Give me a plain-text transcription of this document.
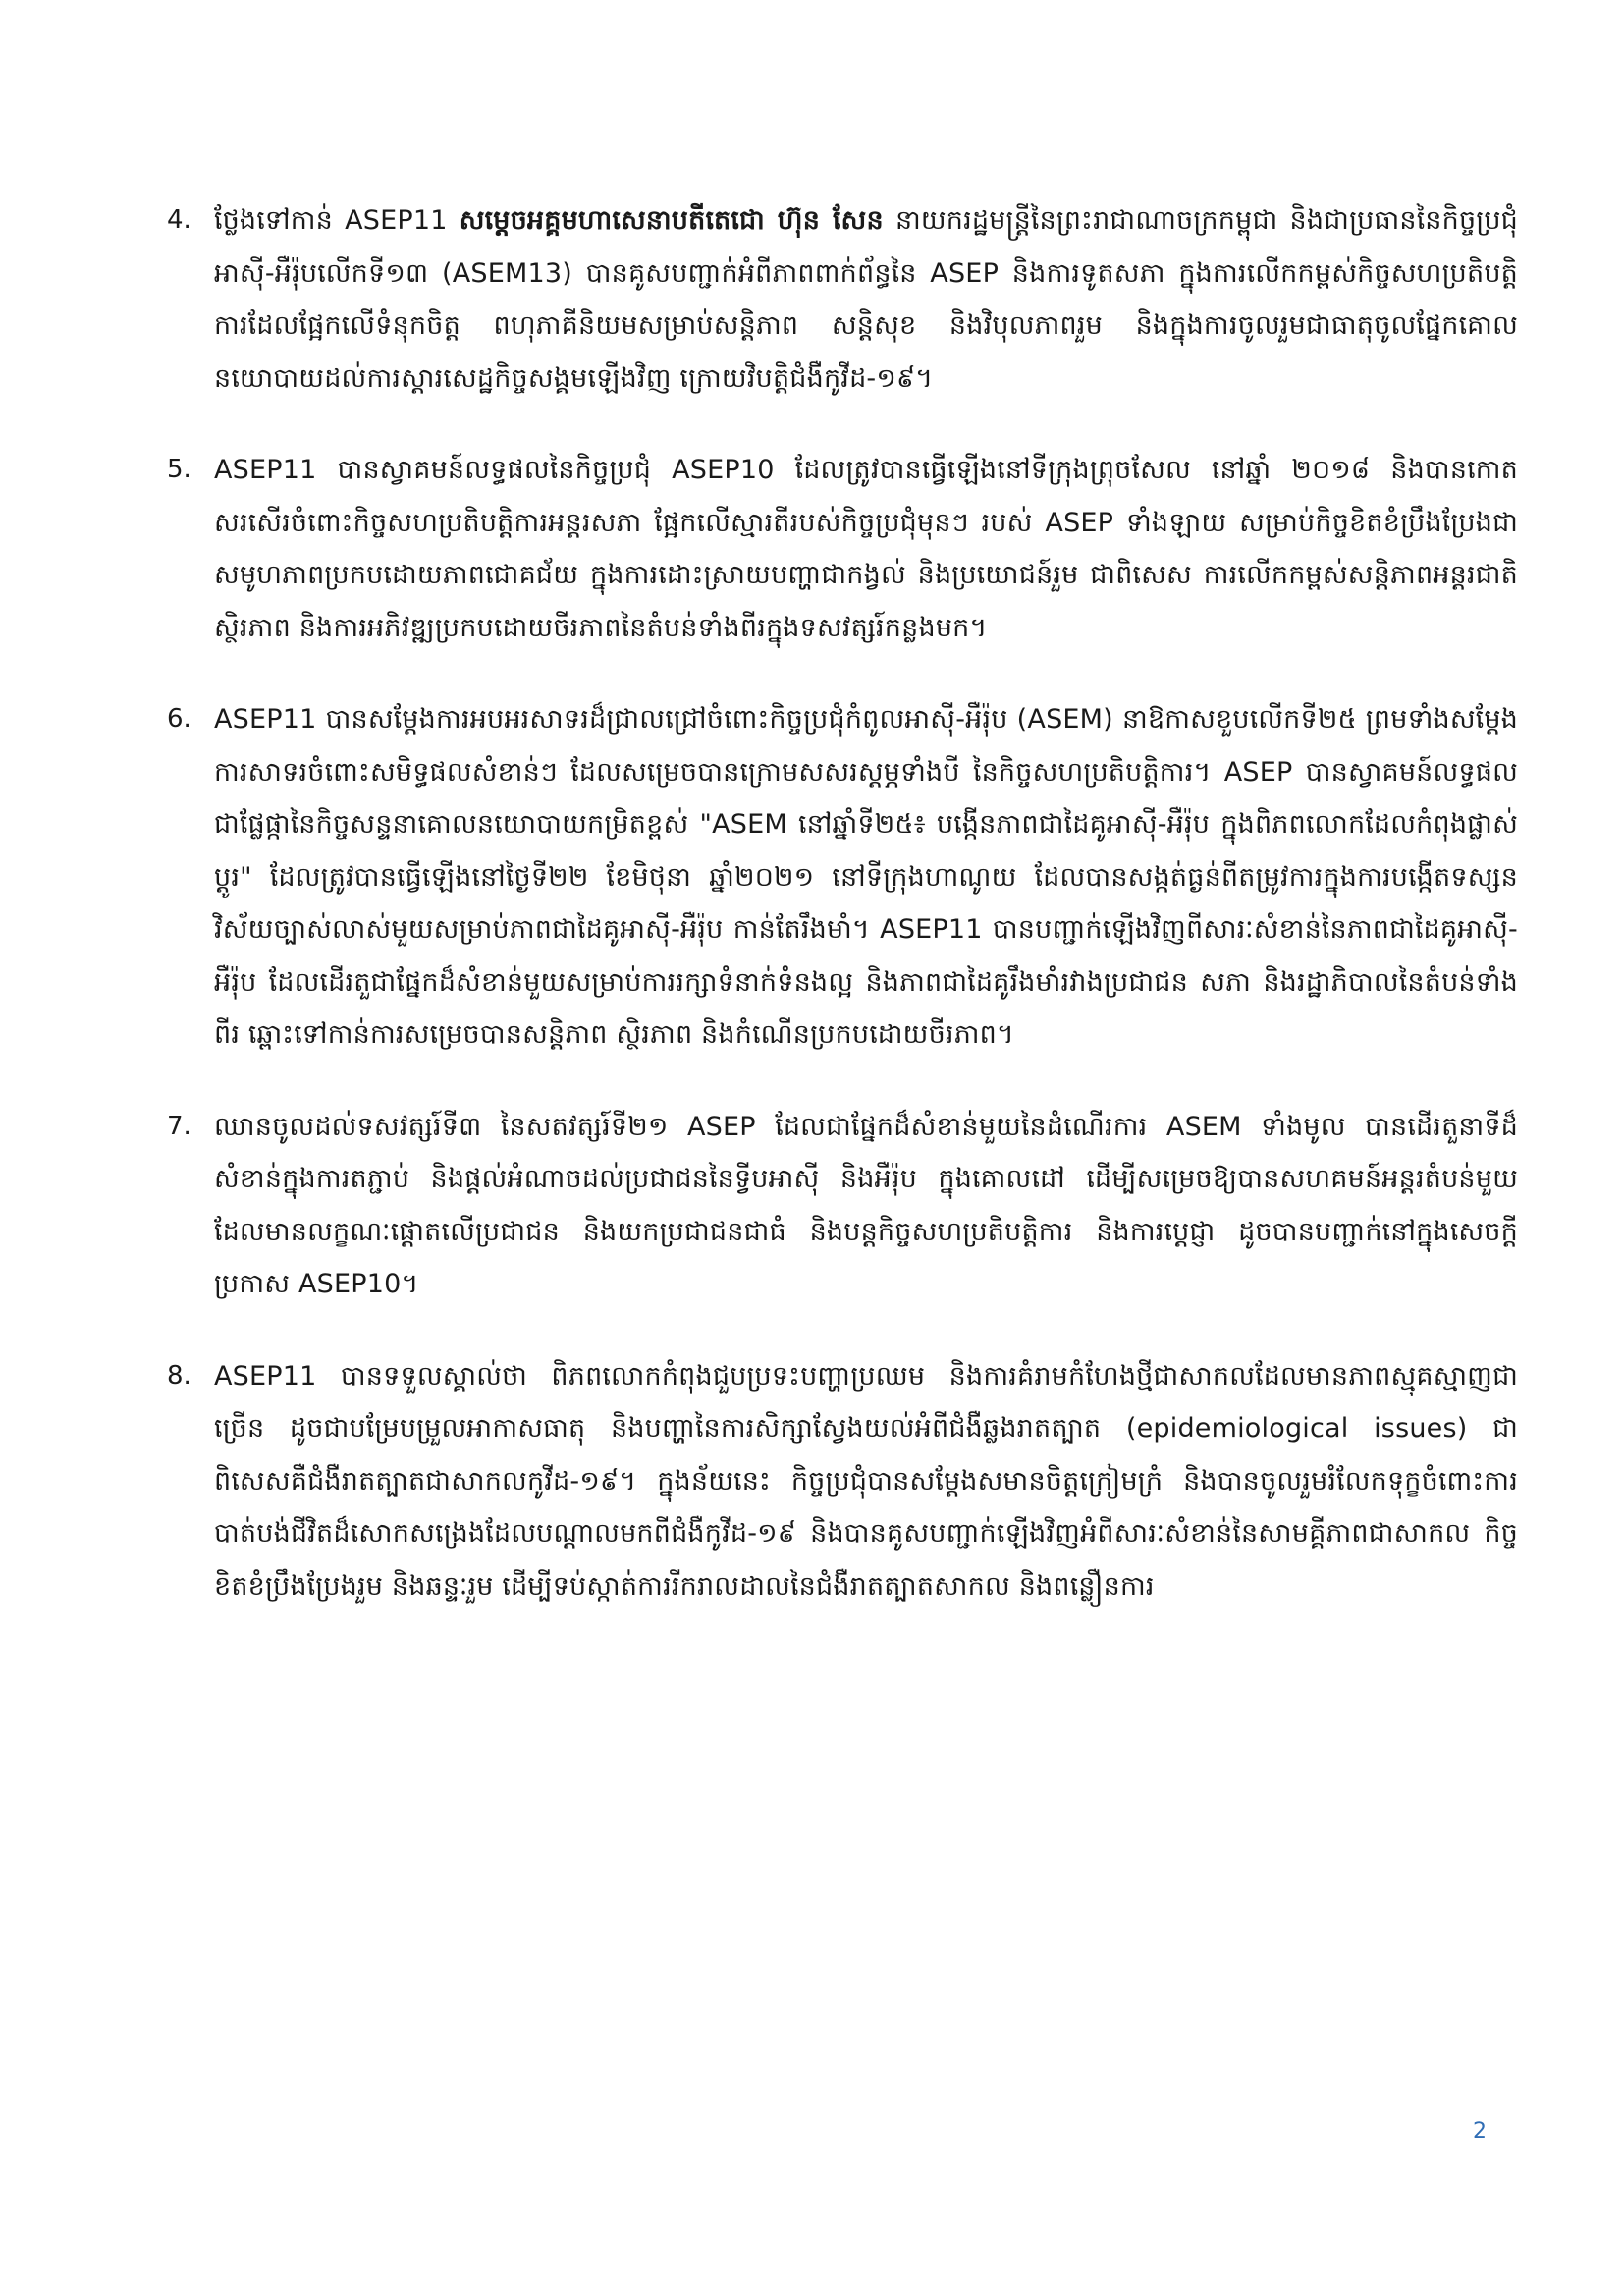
4. ថ្លែងទៅកាន់ ASEP11 សម្តេចអគ្គមហាសេនាបតីតេជោ ហ៊ុន សែន នាយករដ្ឋមន្ត្រីនៃព្រះរាជាណាចក្រកម្ពុជា និងជាប្រធាននៃកិច្ចប្រជុំអាស៊ី-អឺរ៉ុបលើកទី១៣ (ASEM13) បានគូសបញ្ជាក់អំពីភាពពាក់ព័ន្ធនៃ ASEP និងការទូតសភា ក្នុងការលើកកម្ពស់កិច្ចសហប្រតិបត្តិការដែលផ្អែកលើទំនុកចិត្ត ពហុភាគីនិយមសម្រាប់សន្តិភាព សន្តិសុខ និងវិបុលភាពរួម និងក្នុងការចូលរួមជាធាតុចូលផ្នែកគោលនយោបាយដល់ការស្តារសេដ្ឋកិច្ចសង្គមឡើងវិញ ក្រោយវិបត្តិជំងឺកូវីដ-១៩។

5. ASEP11 បានស្វាគមន៍លទ្ធផលនៃកិច្ចប្រជុំ ASEP10 ដែលត្រូវបានធ្វើឡើងនៅទីក្រុងព្រុចសែល នៅឆ្នាំ ២០១៨ និងបានកោតសរសើរចំពោះកិច្ចសហប្រតិបត្តិការអន្តរសភា ផ្អែកលើស្មារតីរបស់កិច្ចប្រជុំមុនៗ របស់ ASEP ទាំងឡាយ សម្រាប់កិច្ចខិតខំប្រឹងប្រែងជាសមូហភាពប្រកបដោយភាពជោគជ័យ ក្នុងការដោះស្រាយបញ្ហាជាកង្វល់ និងប្រយោជន៍រួម ជាពិសេស ការលើកកម្ពស់សន្តិភាពអន្តរជាតិ ស្ថិរភាព និងការអភិវឌ្ឍប្រកបដោយចីរភាពនៃតំបន់ទាំងពីរក្នុងទសវត្សរ៍កន្លងមក។

6. ASEP11 បានសម្តែងការអបអរសាទរដ៏ជ្រាលជ្រៅចំពោះកិច្ចប្រជុំកំពូលអាស៊ី-អឺរ៉ុប (ASEM) នាឱកាសខួបលើកទី២៥ ព្រមទាំងសម្តែងការសាទរចំពោះសមិទ្ធផលសំខាន់ៗ ដែលសម្រេចបានក្រោមសសរស្តម្ភទាំងបី នៃកិច្ចសហប្រតិបត្តិការ។ ASEP បានស្វាគមន៍លទ្ធផលជាផ្លែផ្កានៃកិច្ចសន្ទនាគោលនយោបាយកម្រិតខ្ពស់ "ASEM នៅឆ្នាំទី២៥៖ បង្កើនភាពជាដៃគូអាស៊ី-អឺរ៉ុប ក្នុងពិភពលោកដែលកំពុងផ្លាស់ប្តូរ" ដែលត្រូវបានធ្វើឡើងនៅថ្ងៃទី២២ ខែមិថុនា ឆ្នាំ២០២១ នៅទីក្រុងហាណូយ ដែលបានសង្កត់ធ្ងន់ពីតម្រូវការក្នុងការបង្កើតទស្សនវិស័យច្បាស់លាស់មួយសម្រាប់ភាពជាដៃគូអាស៊ី-អឺរ៉ុប កាន់តែរឹងមាំ។ ASEP11 បានបញ្ជាក់ឡើងវិញពីសារៈសំខាន់នៃភាពជាដៃគូអាស៊ី-អឺរ៉ុប ដែលដើរតួជាផ្នែកដ៏សំខាន់មួយសម្រាប់ការរក្សាទំនាក់ទំនងល្អ និងភាពជាដៃគូរឹងមាំរវាងប្រជាជន សភា និងរដ្ឋាភិបាលនៃតំបន់ទាំងពីរ ឆ្ពោះទៅកាន់ការសម្រេចបានសន្តិភាព ស្ថិរភាព និងកំណើនប្រកបដោយចីរភាព។

7. ឈានចូលដល់ទសវត្សរ៍ទី៣ នៃសតវត្សរ៍ទី២១ ASEP ដែលជាផ្នែកដ៏សំខាន់មួយនៃដំណើរការ ASEM ទាំងមូល បានដើរតួនាទីដ៏សំខាន់ក្នុងការតភ្ជាប់ និងផ្តល់អំណាចដល់ប្រជាជននៃទ្វីបអាស៊ី និងអឺរ៉ុប ក្នុងគោលដៅ ដើម្បីសម្រេចឱ្យបានសហគមន៍អន្តរតំបន់មួយដែលមានលក្ខណៈផ្តោតលើប្រជាជន និងយកប្រជាជនជាធំ និងបន្តកិច្ចសហប្រតិបត្តិការ និងការប្តេជ្ញា ដូចបានបញ្ជាក់នៅក្នុងសេចក្តីប្រកាស ASEP10។

8. ASEP11 បានទទួលស្គាល់ថា ពិភពលោកកំពុងជួបប្រទះបញ្ហាប្រឈម និងការគំរាមកំហែងថ្មីជាសាកលដែលមានភាពស្មុគស្មាញជាច្រើន ដូចជាបម្រែបម្រួលអាកាសធាតុ និងបញ្ហានៃការសិក្សាស្វែងយល់អំពីជំងឺឆ្លងរាតត្បាត (epidemiological issues) ជាពិសេសគឺជំងឺរាតត្បាតជាសាកលកូវីដ-១៩។ ក្នុងន័យនេះ កិច្ចប្រជុំបានសម្តែងសមានចិត្តក្រៀមក្រំ និងបានចូលរួមរំលែកទុក្ខចំពោះការបាត់បង់ជីវិតដ៏សោកសង្រេងដែលបណ្តាលមកពីជំងឺកូវីដ-១៩ និងបានគូសបញ្ជាក់ឡើងវិញអំពីសារៈសំខាន់នៃសាមគ្គីភាពជាសាកល កិច្ចខិតខំប្រឹងប្រែងរួម និងឆន្ទៈរួម ដើម្បីទប់ស្កាត់ការរីករាលដាលនៃជំងឺរាតត្បាតសាកល និងពន្លឿនការ

2
